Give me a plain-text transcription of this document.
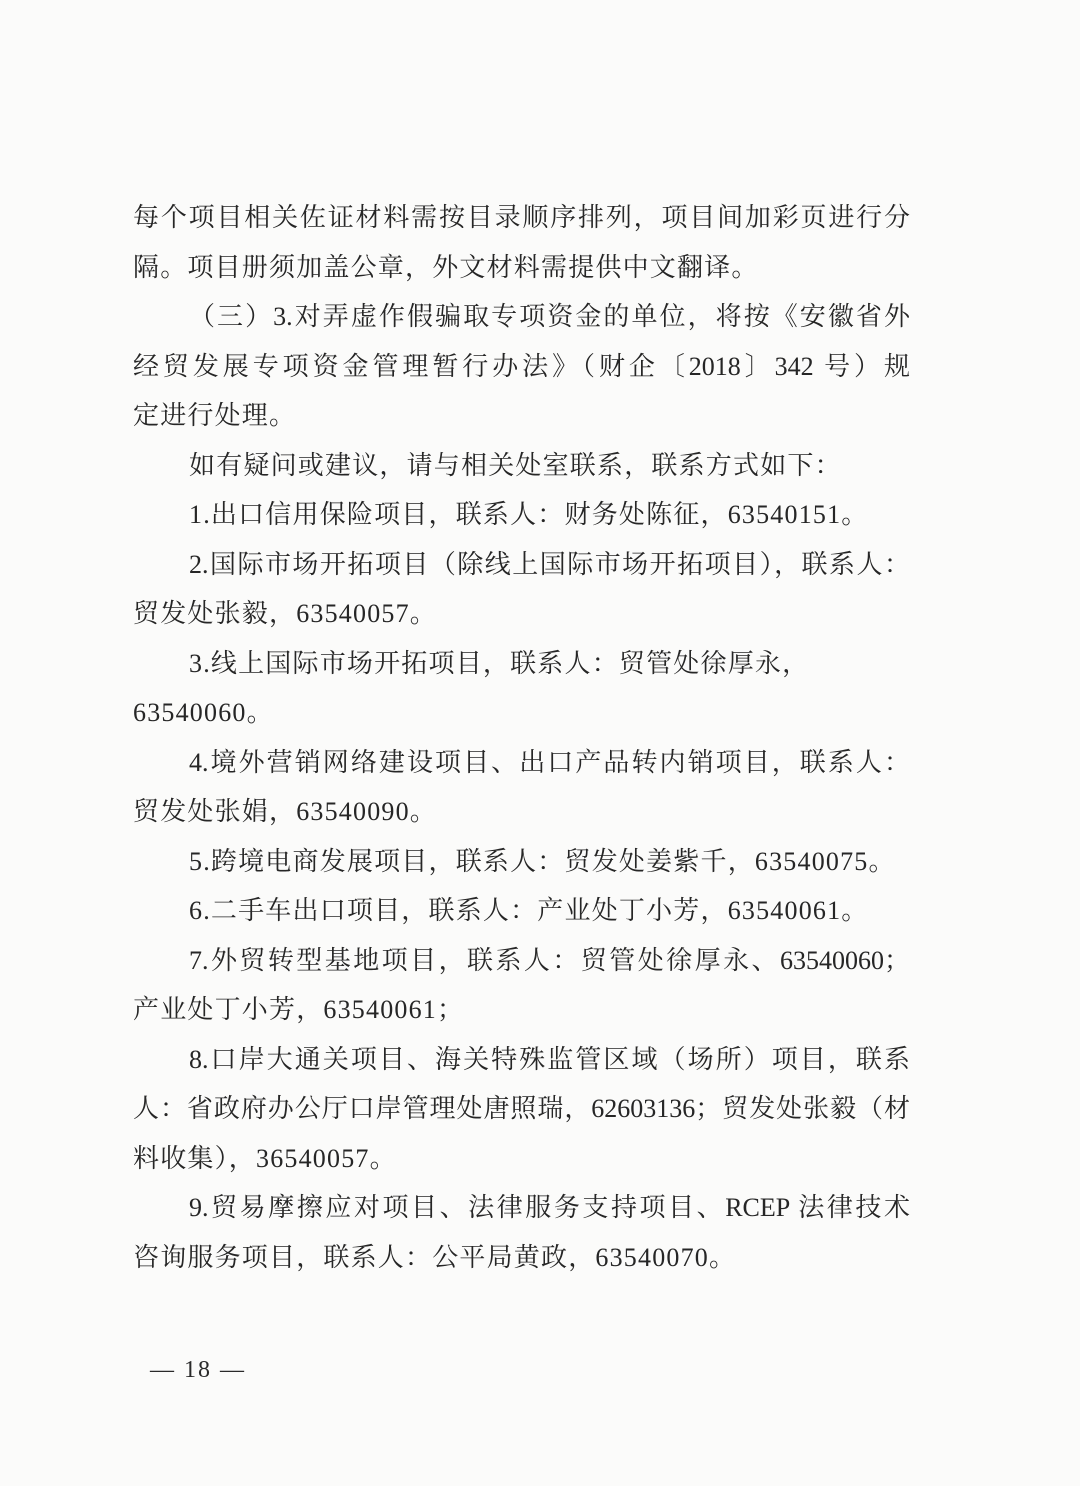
每个项目相关佐证材料需按目录顺序排列，项目间加彩页进行分
隔。项目册须加盖公章，外文材料需提供中文翻译。
（三）3.对弄虚作假骗取专项资金的单位，将按《安徽省外
经贸发展专项资金管理暂行办法》（财企〔2018〕342 号）规
定进行处理。
如有疑问或建议，请与相关处室联系，联系方式如下：
1.出口信用保险项目，联系人：财务处陈征，63540151。
2.国际市场开拓项目（除线上国际市场开拓项目），联系人：
贸发处张毅，63540057。
3.线上国际市场开拓项目，联系人：贸管处徐厚永，
63540060。
4.境外营销网络建设项目、出口产品转内销项目，联系人：
贸发处张娟，63540090。
5.跨境电商发展项目，联系人：贸发处姜紫千，63540075。
6.二手车出口项目，联系人：产业处丁小芳，63540061。
7.外贸转型基地项目，联系人：贸管处徐厚永、63540060；
产业处丁小芳，63540061；
8.口岸大通关项目、海关特殊监管区域（场所）项目，联系
人：省政府办公厅口岸管理处唐照瑞，62603136；贸发处张毅（材
料收集），36540057。
9.贸易摩擦应对项目、法律服务支持项目、RCEP 法律技术
咨询服务项目，联系人：公平局黄政，63540070。
— 18 —
